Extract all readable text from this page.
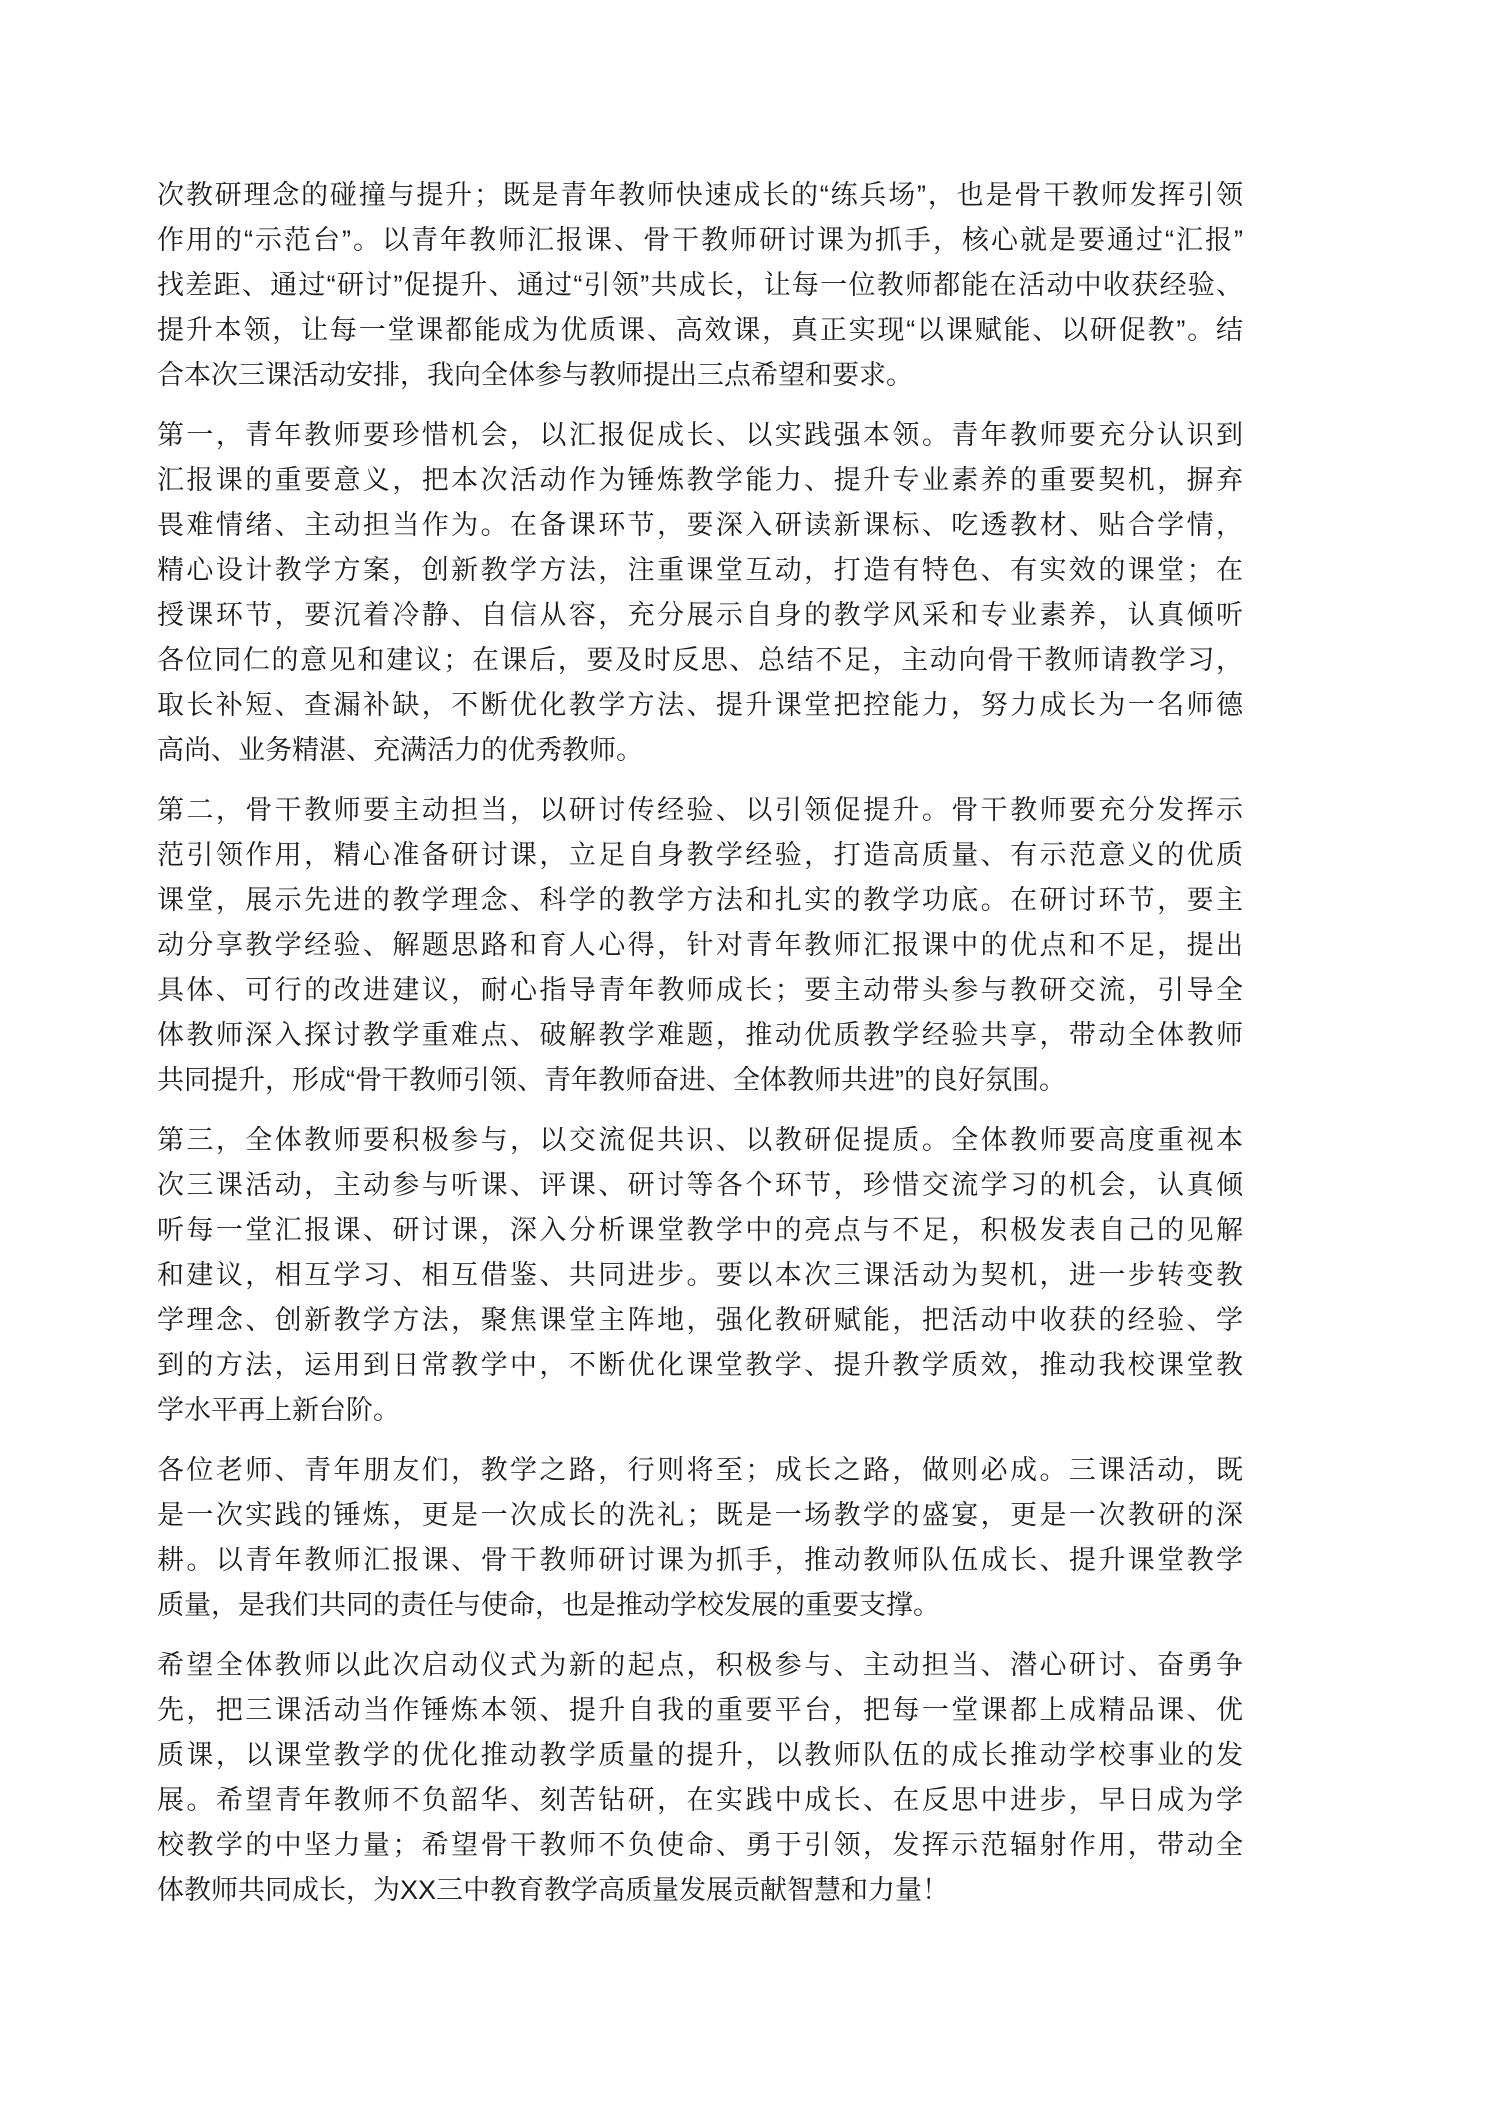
次教研理念的碰撞与提升；既是青年教师快速成长的“练兵场”，也是骨干教师发挥引领
作用的“示范台”。以青年教师汇报课、骨干教师研讨课为抓手，核心就是要通过“汇报”
找差距、通过“研讨”促提升、通过“引领”共成长，让每一位教师都能在活动中收获经验、
提升本领，让每一堂课都能成为优质课、高效课，真正实现“以课赋能、以研促教”。结
合本次三课活动安排，我向全体参与教师提出三点希望和要求。

第一，青年教师要珍惜机会，以汇报促成长、以实践强本领。青年教师要充分认识到
汇报课的重要意义，把本次活动作为锤炼教学能力、提升专业素养的重要契机，摒弃
畏难情绪、主动担当作为。在备课环节，要深入研读新课标、吃透教材、贴合学情，
精心设计教学方案，创新教学方法，注重课堂互动，打造有特色、有实效的课堂；在
授课环节，要沉着冷静、自信从容，充分展示自身的教学风采和专业素养，认真倾听
各位同仁的意见和建议；在课后，要及时反思、总结不足，主动向骨干教师请教学习，
取长补短、查漏补缺，不断优化教学方法、提升课堂把控能力，努力成长为一名师德
高尚、业务精湛、充满活力的优秀教师。

第二，骨干教师要主动担当，以研讨传经验、以引领促提升。骨干教师要充分发挥示
范引领作用，精心准备研讨课，立足自身教学经验，打造高质量、有示范意义的优质
课堂，展示先进的教学理念、科学的教学方法和扎实的教学功底。在研讨环节，要主
动分享教学经验、解题思路和育人心得，针对青年教师汇报课中的优点和不足，提出
具体、可行的改进建议，耐心指导青年教师成长；要主动带头参与教研交流，引导全
体教师深入探讨教学重难点、破解教学难题，推动优质教学经验共享，带动全体教师
共同提升，形成“骨干教师引领、青年教师奋进、全体教师共进”的良好氛围。

第三，全体教师要积极参与，以交流促共识、以教研促提质。全体教师要高度重视本
次三课活动，主动参与听课、评课、研讨等各个环节，珍惜交流学习的机会，认真倾
听每一堂汇报课、研讨课，深入分析课堂教学中的亮点与不足，积极发表自己的见解
和建议，相互学习、相互借鉴、共同进步。要以本次三课活动为契机，进一步转变教
学理念、创新教学方法，聚焦课堂主阵地，强化教研赋能，把活动中收获的经验、学
到的方法，运用到日常教学中，不断优化课堂教学、提升教学质效，推动我校课堂教
学水平再上新台阶。

各位老师、青年朋友们，教学之路，行则将至；成长之路，做则必成。三课活动，既
是一次实践的锤炼，更是一次成长的洗礼；既是一场教学的盛宴，更是一次教研的深
耕。以青年教师汇报课、骨干教师研讨课为抓手，推动教师队伍成长、提升课堂教学
质量，是我们共同的责任与使命，也是推动学校发展的重要支撑。

希望全体教师以此次启动仪式为新的起点，积极参与、主动担当、潜心研讨、奋勇争
先，把三课活动当作锤炼本领、提升自我的重要平台，把每一堂课都上成精品课、优
质课，以课堂教学的优化推动教学质量的提升，以教师队伍的成长推动学校事业的发
展。希望青年教师不负韶华、刻苦钻研，在实践中成长、在反思中进步，早日成为学
校教学的中坚力量；希望骨干教师不负使命、勇于引领，发挥示范辐射作用，带动全
体教师共同成长，为XX三中教育教学高质量发展贡献智慧和力量！
